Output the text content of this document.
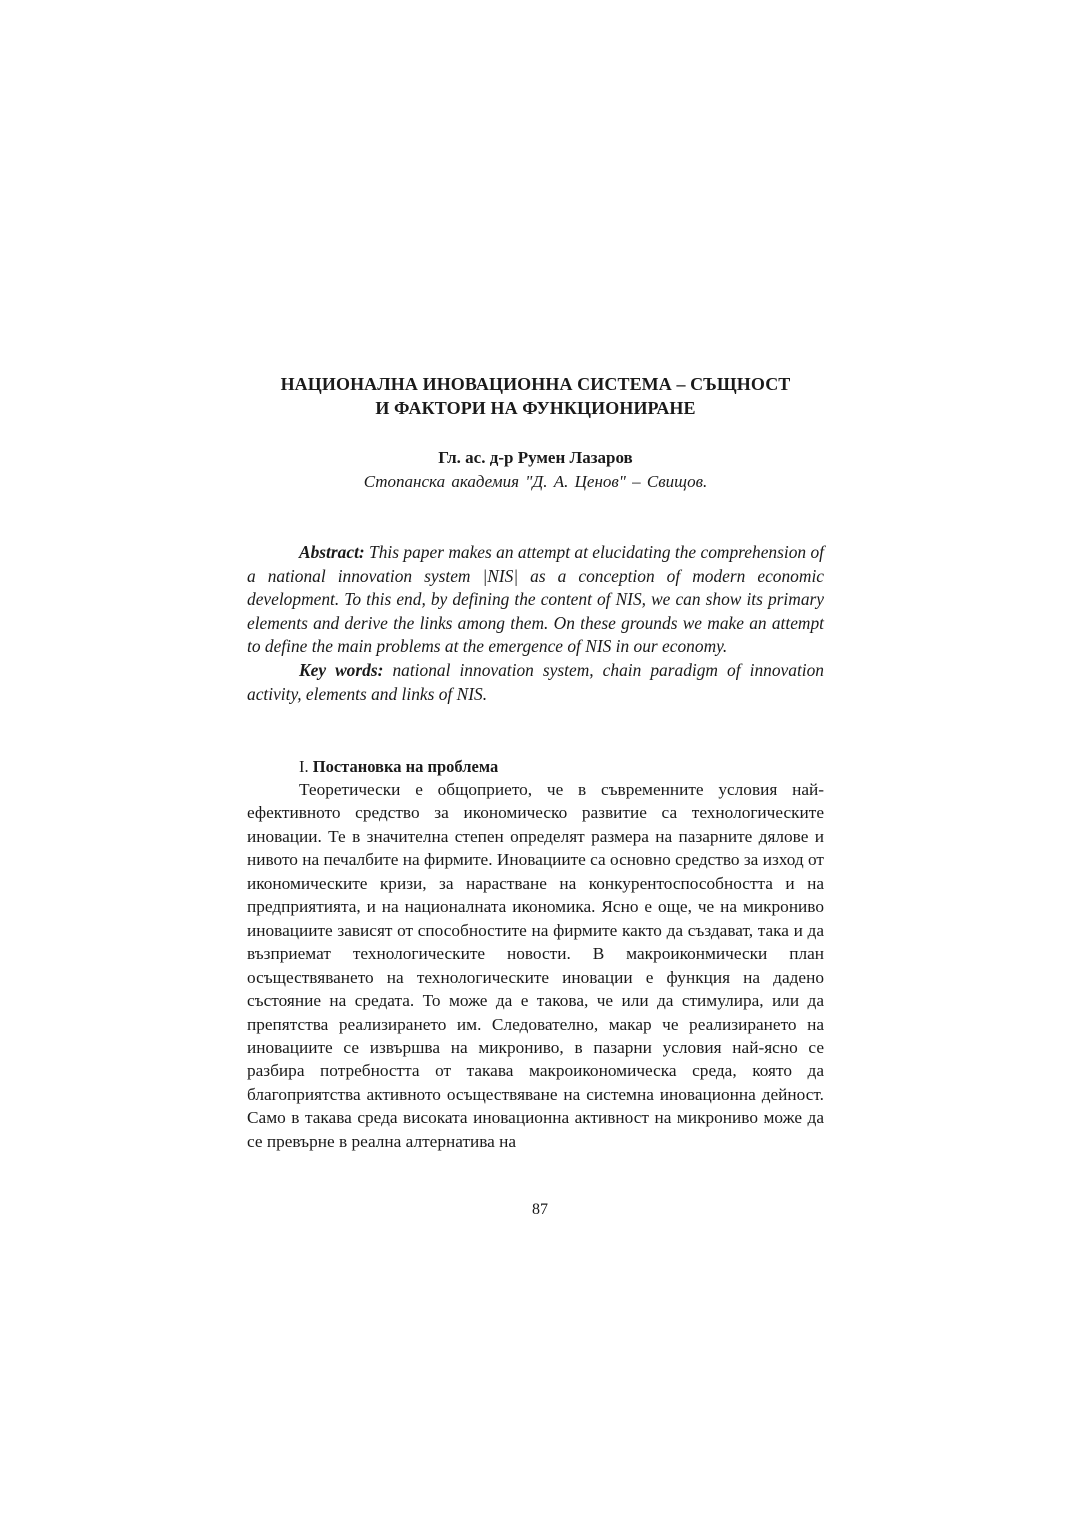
НАЦИОНАЛНА ИНОВАЦИОННА СИСТЕМА – СЪЩНОСТ
И ФАКТОРИ НА ФУНКЦИОНИРАНЕ
Гл. ас. д-р Румен Лазаров
Стопанска академия "Д. А. Ценов" – Свищов.

Abstract: This paper makes an attempt at elucidating the comprehension of a national innovation system |NIS| as a conception of modern economic development. To this end, by defining the content of NIS, we can show its primary elements and derive the links among them. On these grounds we make an attempt to define the main problems at the emergence of NIS in our economy.

Key words: national innovation system, chain paradigm of innovation activity, elements and links of NIS.

I. Постановка на проблема

Теоретически е общоприето, че в съвременните условия най-ефективното средство за икономическо развитие са технологическите иновации. Те в значителна степен определят размера на пазарните дялове и нивото на печалбите на фирмите. Иновациите са основно средство за изход от икономическите кризи, за нарастване на конкурентоспособността и на предприятията, и на националната икономика. Ясно е още, че на микрониво иновациите зависят от способностите на фирмите както да създават, така и да възприемат технологическите новости. В макроиконмически план осъществяването на технологическите иновации е функция на дадено състояние на средата. То може да е такова, че или да стимулира, или да препятства реализирането им. Следователно, макар че реализирането на иновациите се извършва на микрониво, в пазарни условия най-ясно се разбира потребността от такава макроикономическа среда, която да благоприятства активното осъществяване на системна иновационна дейност. Само в такава среда високата иновационна активност на микрониво може да се превърне в реална алтернатива на

87
